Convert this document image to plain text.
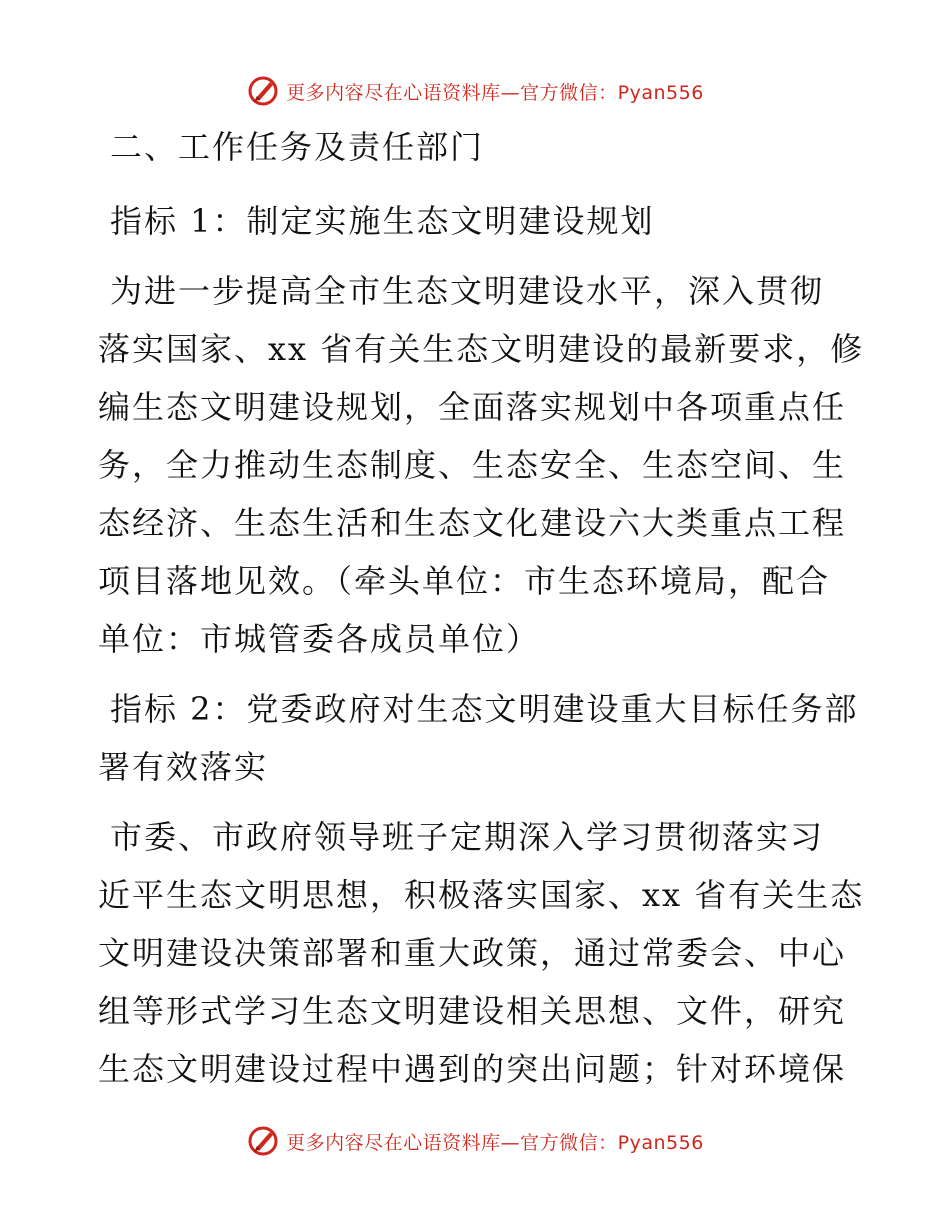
更多内容尽在心语资料库—官方微信：Pyan556

二、工作任务及责任部门

指标 1：制定实施生态文明建设规划

为进一步提高全市生态文明建设水平，深入贯彻
落实国家、xx 省有关生态文明建设的最新要求，修
编生态文明建设规划，全面落实规划中各项重点任
务，全力推动生态制度、生态安全、生态空间、生
态经济、生态生活和生态文化建设六大类重点工程
项目落地见效。（牵头单位：市生态环境局，配合
单位：市城管委各成员单位）

指标 2：党委政府对生态文明建设重大目标任务部
署有效落实

市委、市政府领导班子定期深入学习贯彻落实习
近平生态文明思想，积极落实国家、xx 省有关生态
文明建设决策部署和重大政策，通过常委会、中心
组等形式学习生态文明建设相关思想、文件，研究
生态文明建设过程中遇到的突出问题；针对环境保

更多内容尽在心语资料库—官方微信：Pyan556
